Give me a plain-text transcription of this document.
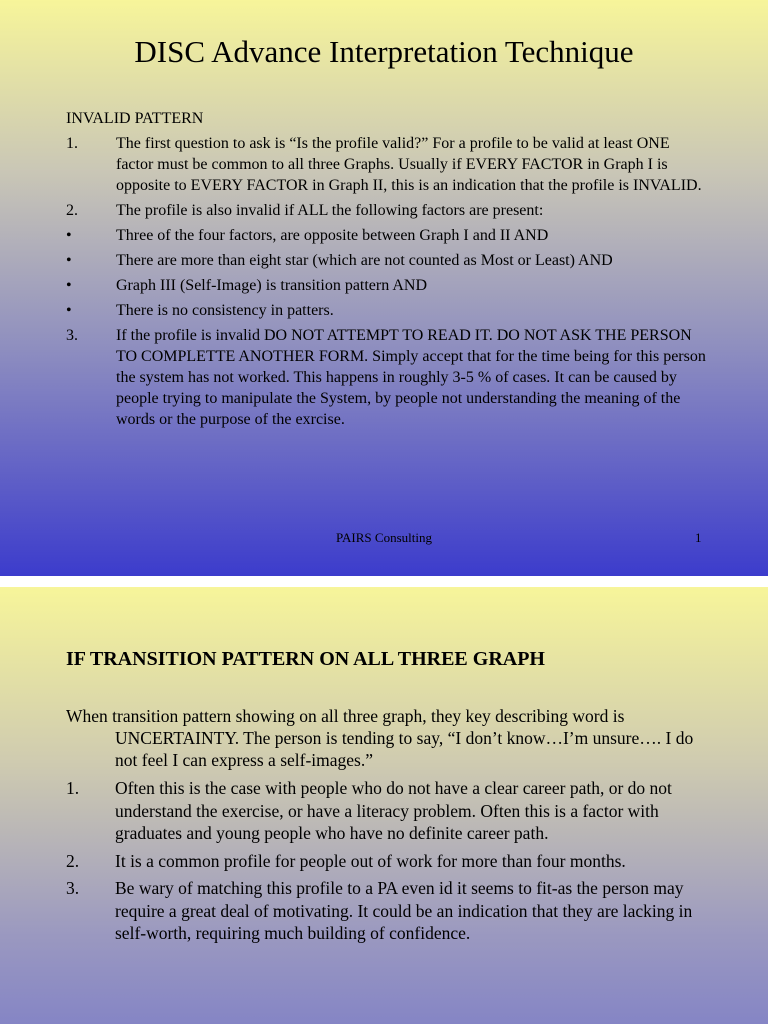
DISC Advance Interpretation Technique
INVALID PATTERN
1.	The first question to ask is “Is the profile valid?” For a profile to be valid at least ONE factor must be common to all three Graphs. Usually if EVERY FACTOR in Graph I is opposite to EVERY FACTOR in Graph II, this is an indication that the profile is INVALID.
2.	The profile is also invalid if ALL the following factors are present:
•	Three of the four factors, are opposite between Graph I and II AND
•	There are more than eight star (which are not counted as Most or Least) AND
•	Graph III (Self-Image) is transition pattern AND
•	There is no consistency in patters.
3.	If the profile is invalid DO NOT ATTEMPT TO READ IT. DO NOT ASK THE PERSON TO COMPLETTE ANOTHER FORM. Simply accept that for the time being for this person the system has not worked. This happens in roughly 3-5 % of cases. It can be caused by people trying to manipulate the System, by people not understanding the meaning of the words or the purpose of the exrcise.
PAIRS Consulting	1
IF TRANSITION PATTERN ON ALL THREE GRAPH
When transition pattern showing on all three graph, they key describing word is UNCERTAINTY. The person is tending to say, “I don’t know…I’m unsure…. I do not feel I can express a self-images.”
1.	Often this is the case with people who do not have a clear career path, or do not understand the exercise, or have a literacy problem. Often this is a factor with graduates and young people who have no definite career path.
2.	It is a common profile for people out of work for more than four months.
3.	Be wary of matching this profile to a PA even id it seems to fit-as the person may require a great deal of motivating. It could be an indication that they are lacking in self-worth, requiring much building of confidence.
